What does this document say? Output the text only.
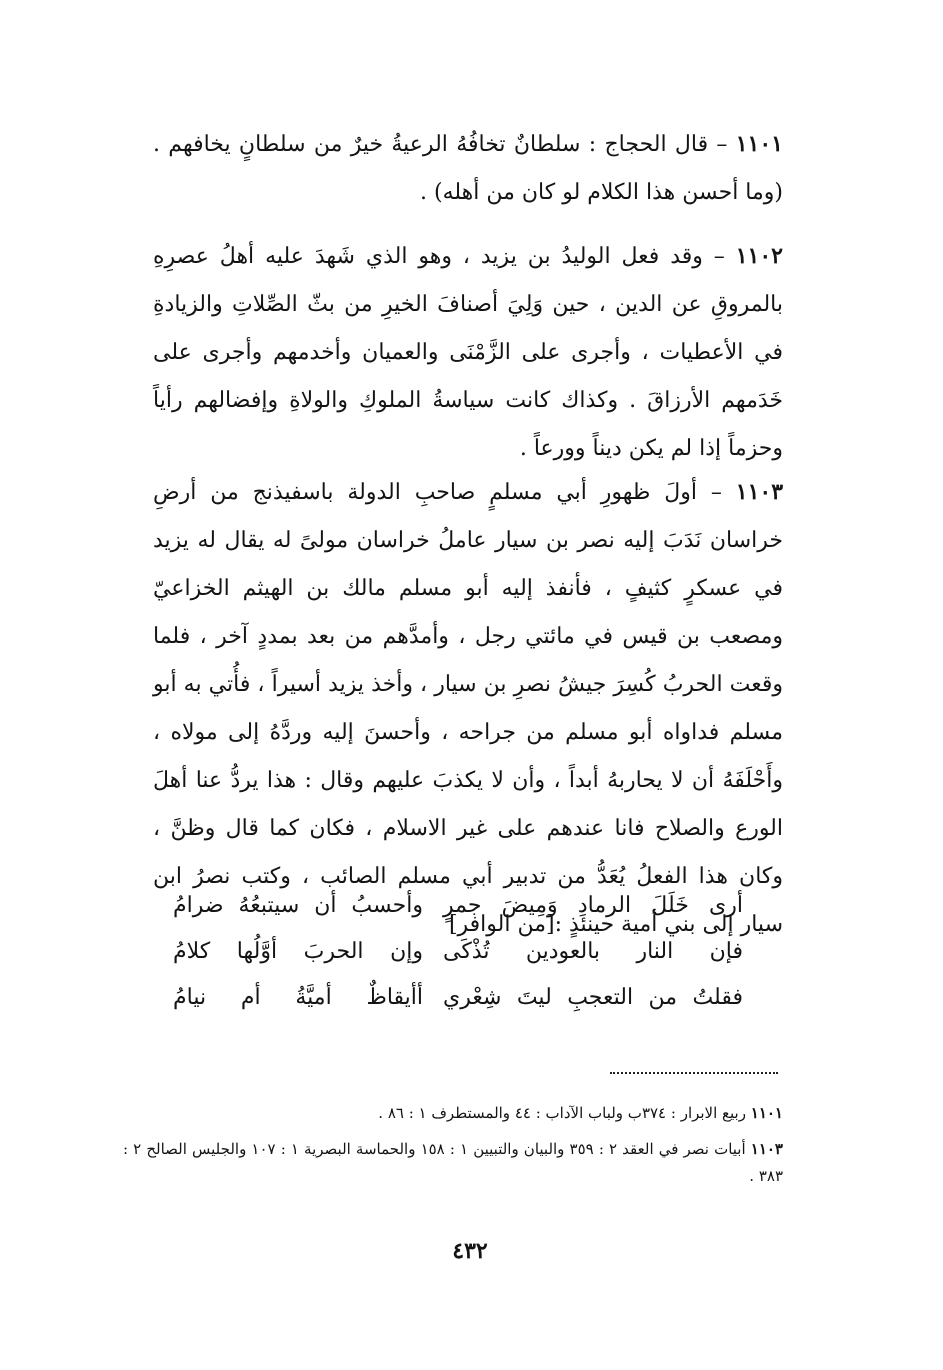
١١٠١ – قال الحجاج : سلطانٌ تخافُهُ الرعيةُ خيرٌ من سلطانٍ يخافهم . (وما أحسن هذا الكلام لو كان من أهله) .

١١٠٢ – وقد فعل الوليدُ بن يزيد ، وهو الذي شَهدَ عليه أهلُ عصرِهِ بالمروقِ عن الدين ، حين وَلِيَ أصنافَ الخيرِ من بثّ الصِّلاتِ والزيادةِ في الأعطيات ، وأجرى على الزَّمْنَى والعميان وأخدمهم وأجرى على خَدَمهم الأرزاقَ . وكذاك كانت سياسةُ الملوكِ والولاةِ وإفضالهم رأياً وحزماً إذا لم يكن ديناً وورعاً .

١١٠٣ – أولَ ظهورِ أبي مسلمٍ صاحبِ الدولة باسفيذنج من أرضِ خراسان نَدَبَ إليه نصر بن سيار عاملُ خراسان مولىً له يقال له يزيد في عسكرٍ كثيفٍ ، فأنفذ إليه أبو مسلم مالك بن الهيثم الخزاعيّ ومصعب بن قيس في مائتي رجل ، وأمدَّهم من بعد بمددٍ آخر ، فلما وقعت الحربُ كُسِرَ جيشُ نصرِ بن سيار ، وأخذ يزيد أسيراً ، فأُتي به أبو مسلم فداواه أبو مسلم من جراحه ، وأحسنَ إليه وردَّهُ إلى مولاه ، وأَحْلَفَهُ أن لا يحاربهُ أبداً ، وأن لا يكذبَ عليهم وقال : هذا يردُّ عنا أهلَ الورع والصلاح فانا عندهم على غير الاسلام ، فكان كما قال وظنَّ ، وكان هذا الفعلُ يُعَدُّ من تدبير أبي مسلم الصائب ، وكتب نصرُ ابن سيار إلى بني أمية حينئذٍ :[من الوافر]

أرى خَلَلَ الرمادِ وَمِيضَ جمرٍ
وأحسبُ أن سيتبعُهُ ضرامُ
فإن النار بالعودين تُذْكَى
وإن الحربَ أوَّلُها كلامُ
فقلتُ من التعجبِ ليتَ شِعْري
أأيقاظٌ أميَّةُ أم نيامُ

١١٠١ ربيع الابرار : ٣٧٤ب ولباب الآداب : ٤٤ والمستطرف ١ : ٨٦ .

١١٠٣ أبيات نصر في العقد ٢ : ٣٥٩ والبيان والتبيين ١ : ١٥٨ والحماسة البصرية ١ : ١٠٧ والجليس الصالح ٢ : ٣٨٣ .

٤٣٢
